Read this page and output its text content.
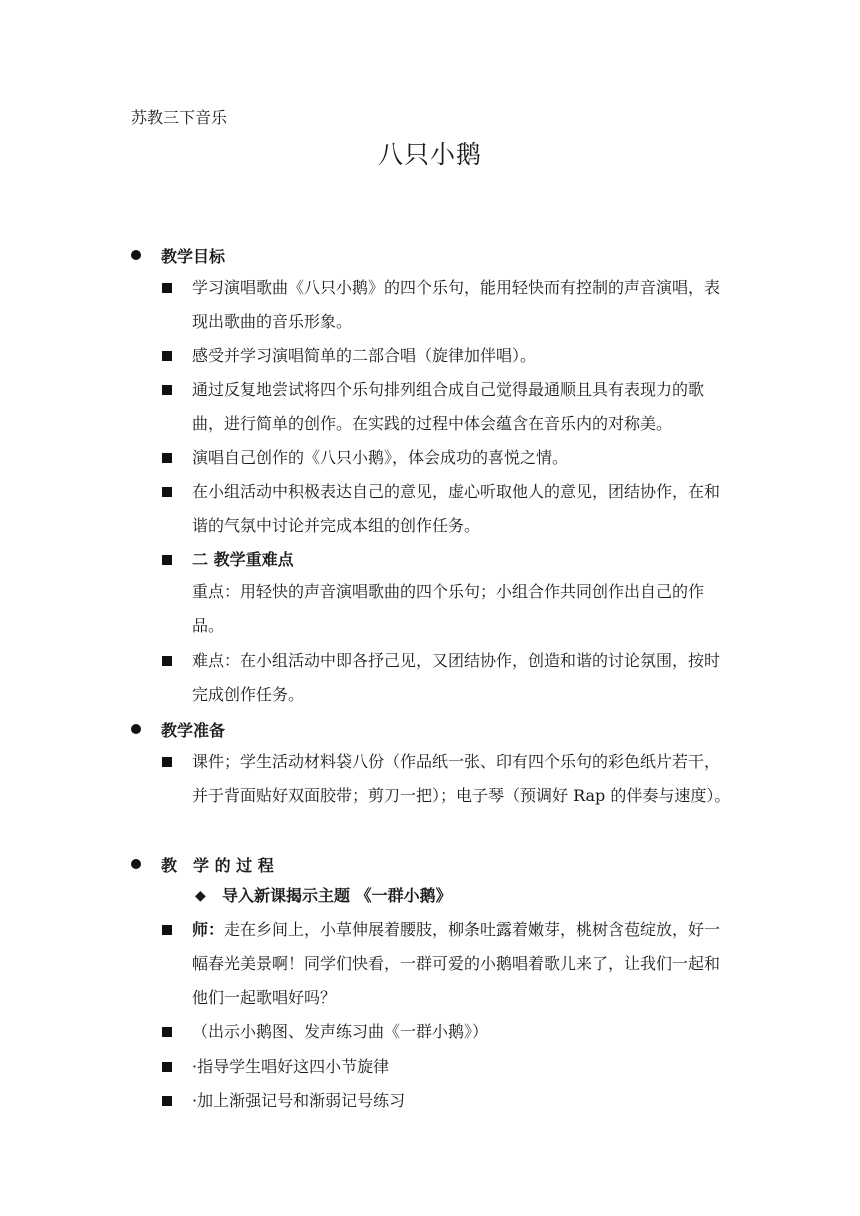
苏教三下音乐
八只小鹅
教学目标
学习演唱歌曲《八只小鹅》的四个乐句，能用轻快而有控制的声音演唱，表现出歌曲的音乐形象。
感受并学习演唱简单的二部合唱（旋律加伴唱）。
通过反复地尝试将四个乐句排列组合成自己觉得最通顺且具有表现力的歌曲，进行简单的创作。在实践的过程中体会蕴含在音乐内的对称美。
演唱自己创作的《八只小鹅》，体会成功的喜悦之情。
在小组活动中积极表达自己的意见，虚心听取他人的意见，团结协作，在和谐的气氛中讨论并完成本组的创作任务。
二 教学重难点
重点：用轻快的声音演唱歌曲的四个乐句；小组合作共同创作出自己的作品。
难点：在小组活动中即各抒己见，又团结协作，创造和谐的讨论氛围，按时完成创作任务。
教学准备
课件；学生活动材料袋八份（作品纸一张、印有四个乐句的彩色纸片若干，并于背面贴好双面胶带；剪刀一把）；电子琴（预调好 Rap 的伴奏与速度）。
教　学 的 过 程
◆ 导入新课揭示主题 《一群小鹅》
师：走在乡间上，小草伸展着腰肢，柳条吐露着嫩芽，桃树含苞绽放，好一幅春光美景啊！同学们快看，一群可爱的小鹅唱着歌儿来了，让我们一起和他们一起歌唱好吗？
（出示小鹅图、发声练习曲《一群小鹅》）
·指导学生唱好这四小节旋律
·加上渐强记号和渐弱记号练习
